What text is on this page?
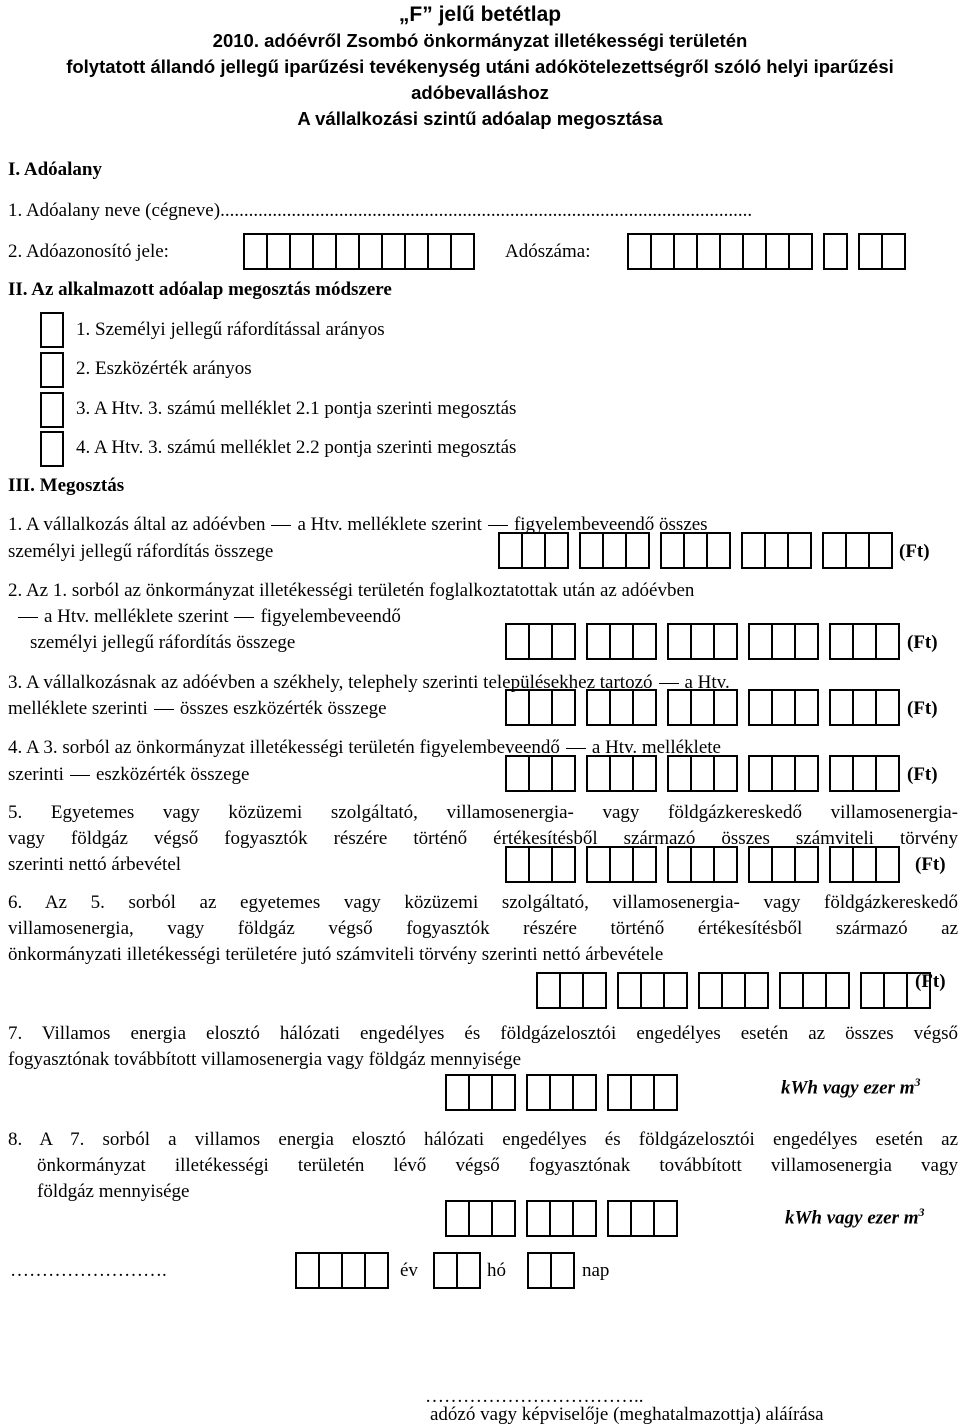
„F” jelű betétlap
2010. adóévről Zsombó önkormányzat illetékességi területén
folytatott állandó jellegű iparűzési tevékenység utáni adókötelezettségről szóló helyi iparűzési
adóbevalláshoz
A vállalkozási szintű adóalap megosztása
I. Adóalany
1. Adóalany neve (cégneve)................................................................................................................
2. Adóazonosító jele:	Adószáma:
II. Az alkalmazott adóalap megosztás módszere
1. Személyi jellegű ráfordítással arányos
2. Eszközérték arányos
3. A Htv. 3. számú melléklet 2.1 pontja szerinti megosztás
4. A Htv. 3. számú melléklet 2.2 pontja szerinti megosztás
III. Megosztás
1. A vállalkozás által az adóévben a Htv. melléklete szerint figyelembeveendő összes
személyi jellegű ráfordítás összege	(Ft)
2. Az 1. sorból az önkormányzat illetékességi területén foglalkoztatottak után az adóévben
a Htv. melléklete szerint figyelembeveendő
személyi jellegű ráfordítás összege	(Ft)
3. A vállalkozásnak az adóévben a székhely, telephely szerinti településekhez tartozó a Htv.
melléklete szerinti összes eszközérték összege	(Ft)
4. A 3. sorból az önkormányzat illetékességi területén figyelembeveendő a Htv. melléklete
szerinti eszközérték összege	(Ft)
5. Egyetemes vagy közüzemi szolgáltató, villamosenergia- vagy földgázkereskedő villamosenergia-
vagy földgáz végső fogyasztók részére történő értékesítésből származó összes számviteli törvény
szerinti nettó árbevétel	(Ft)
6. Az 5. sorból az egyetemes vagy közüzemi szolgáltató, villamosenergia- vagy földgázkereskedő
villamosenergia, vagy földgáz végső fogyasztók részére történő értékesítésből származó az
önkormányzati illetékességi területére jutó számviteli törvény szerinti nettó árbevétele
(Ft)
7. Villamos energia elosztó hálózati engedélyes és földgázelosztói engedélyes esetén az összes végső
fogyasztónak továbbított villamosenergia vagy földgáz mennyisége
kWh vagy ezer $m^3$
8. A 7. sorból a villamos energia elosztó hálózati engedélyes és földgázelosztói engedélyes esetén az
önkormányzat illetékességi területén lévő végső fogyasztónak továbbított villamosenergia vagy
földgáz mennyisége
kWh vagy ezer $m^3$
…………………….	év	hó	nap
……………………………..
adózó vagy képviselője (meghatalmazottja) aláírása
